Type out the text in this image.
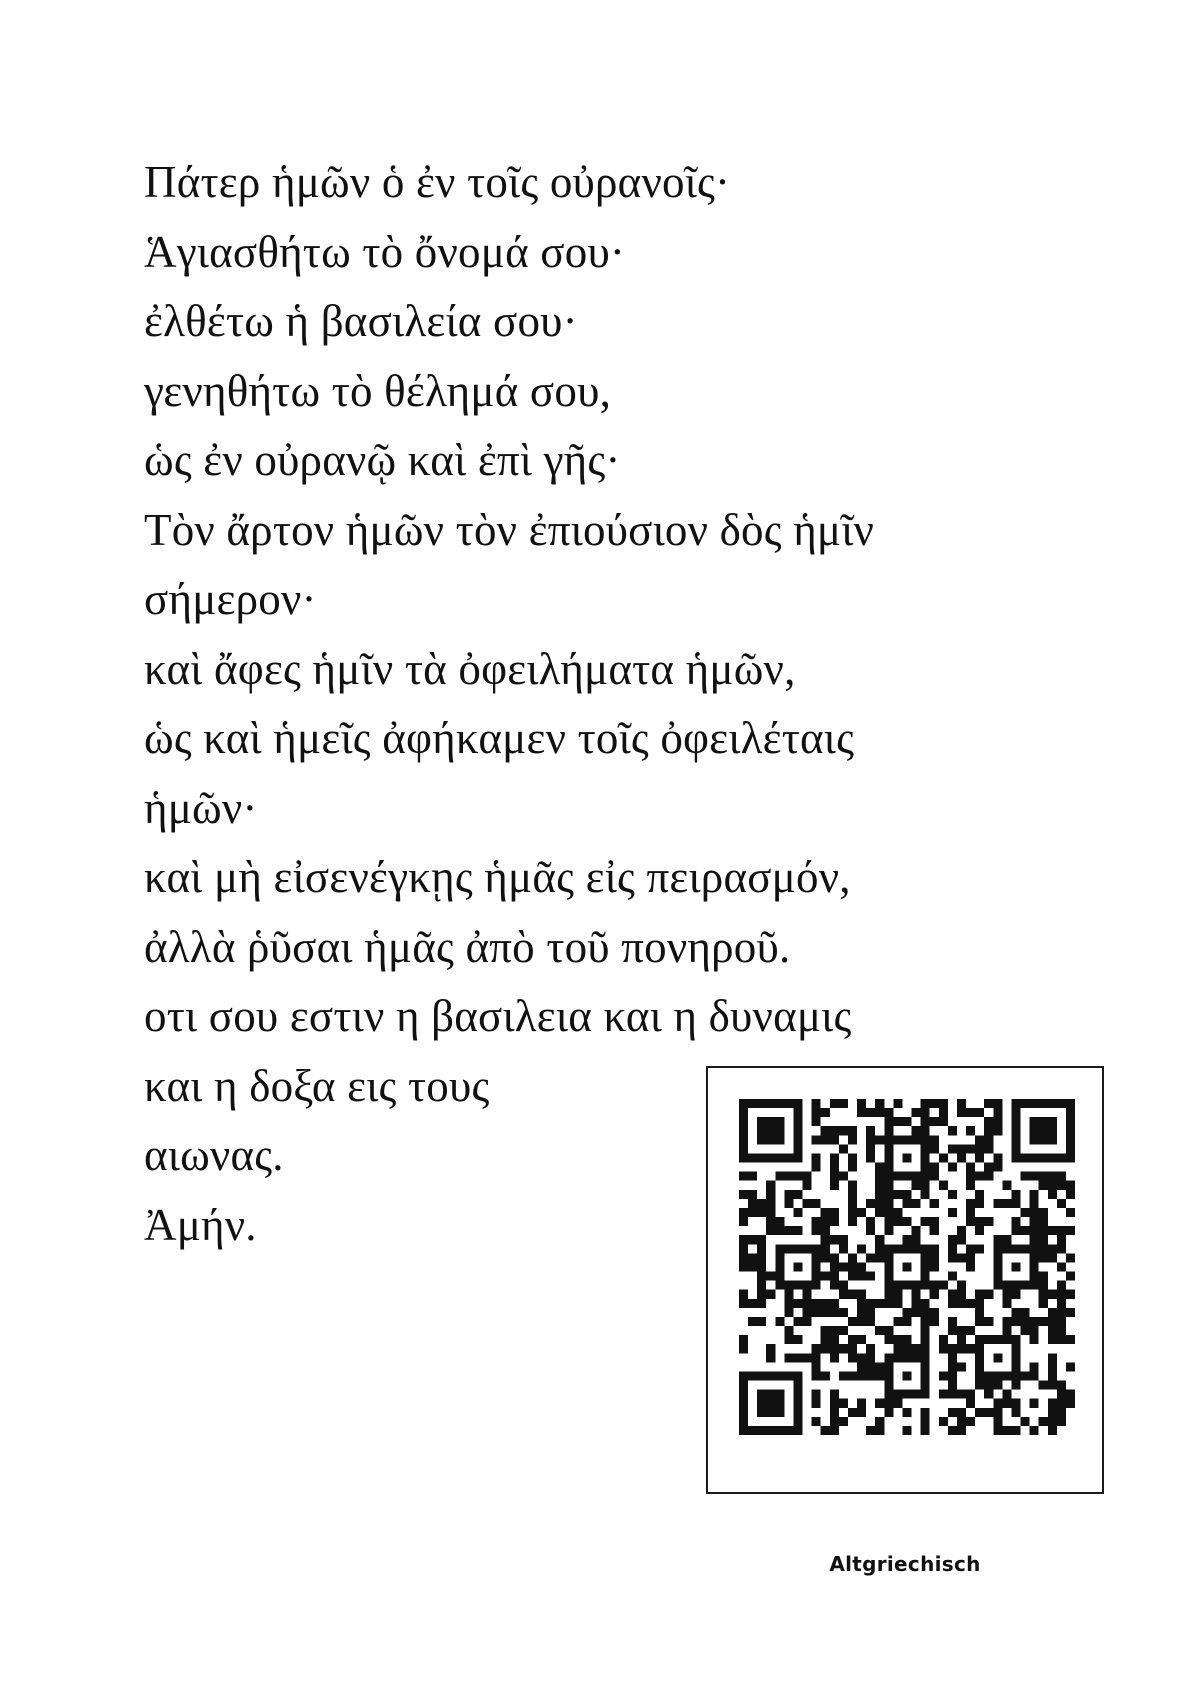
Πάτερ ἡμῶν ὁ ἐν τοῖς οὐρανοῖς·
Ἁγιασθήτω τὸ ὄνομά σου·
ἐλθέτω ἡ βασιλεία σου·
γενηθήτω τὸ θέλημά σου,
ὡς ἐν οὐρανῷ καὶ ἐπὶ γῆς·
Τὸν ἄρτον ἡμῶν τὸν ἐπιούσιον δὸς ἡμῖν
σήμερον·
καὶ ἄφες ἡμῖν τὰ ὀφειλήματα ἡμῶν,
ὡς καὶ ἡμεῖς ἀφήκαμεν τοῖς ὀφειλέταις
ἡμῶν·
καὶ μὴ εἰσενέγκῃς ἡμᾶς εἰς πειρασμόν,
ἀλλὰ ῥῦσαι ἡμᾶς ἀπὸ τοῦ πονηροῦ.
οτι σου εστιν η βασιλεια και η δυναμις
και η δοξα εις τους
αιωνας.
Ἀμήν.
Altgriechisch
